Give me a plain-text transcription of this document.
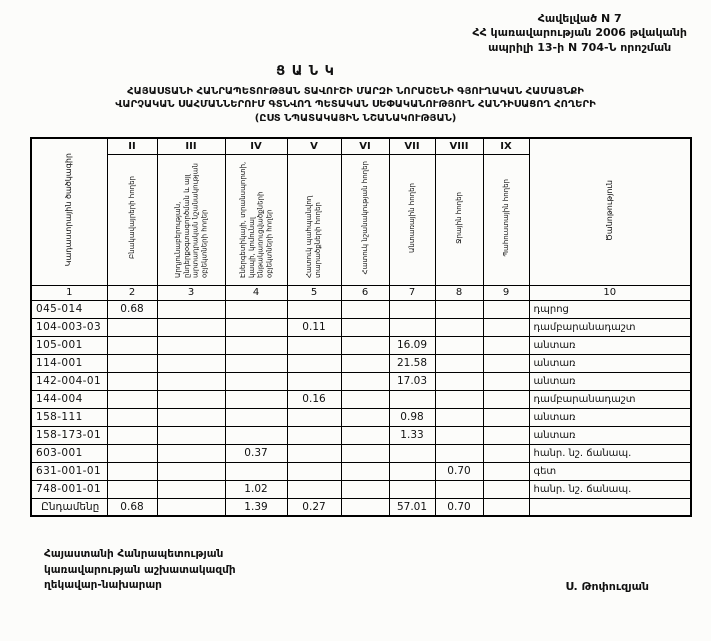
Հավելված N 7
ՀՀ կառավարության 2006 թվականի
ապրիլի 13-ի N 704-Ն որոշման
Ց Ա Ն Կ
ՀԱՅԱՍՏԱՆԻ ՀԱՆՐԱՊԵՏՈՒԹՅԱՆ ՏԱՎՈՒՇԻ ՄԱՐԶԻ ՆՈՐԱՇԵՆԻ ԳՅՈՒՂԱԿԱՆ ՀԱՄԱՅՆՔԻ
ՎԱՐՉԱԿԱՆ ՍԱՀՄԱՆՆԵՐՈՒՄ ԳՏՆՎՈՂ ՊԵՏԱԿԱՆ ՍԵՓԱԿԱՆՈՒԹՅՈՒՆ ՀԱՆԴԻՍԱՑՈՂ ՀՈՂԵՐԻ
(ԸՍՏ ՆՊԱՏԱԿԱՅԻՆ ՆՇԱՆԱԿՈՒԹՅԱՆ)
Կադաստրային ծածկագիր	II	III	IV	V	VI	VII	VIII	IX	Ծանոթություն
	Բնակավայրերի հողեր	Արդյունաբերության, ընդերքօգտագործման և այլ արտադրական նշանակության օբյեկտների հողեր	Էներգետիկայի, տրանսպորտի, կապի, կոմունալ ենթակառուցվածքների օբյեկտների հողեր	Հատուկ պահպանվող տարածքների հողեր	Հատուկ նշանակության հողեր	Անտառային հողեր	Ջրային հողեր	Պահուստային հողեր	
1	2	3	4	5	6	7	8	9	10
045-014	0.68								դպրոց
104-003-03				0.11					դամբարանադաշտ
105-001						16.09			անտառ
114-001						21.58			անտառ
142-004-01						17.03			անտառ
144-004				0.16					դամբարանադաշտ
158-111						0.98			անտառ
158-173-01						1.33			անտառ
603-001			0.37						հանր. նշ. ճանապ.
631-001-01							0.70		գետ
748-001-01			1.02						հանր. նշ. ճանապ.
Ընդամենը	0.68		1.39	0.27		57.01	0.70		
Հայաստանի Հանրապետության
կառավարության աշխատակազմի
ղեկավար-նախարար	Ս. Թոփուզյան
